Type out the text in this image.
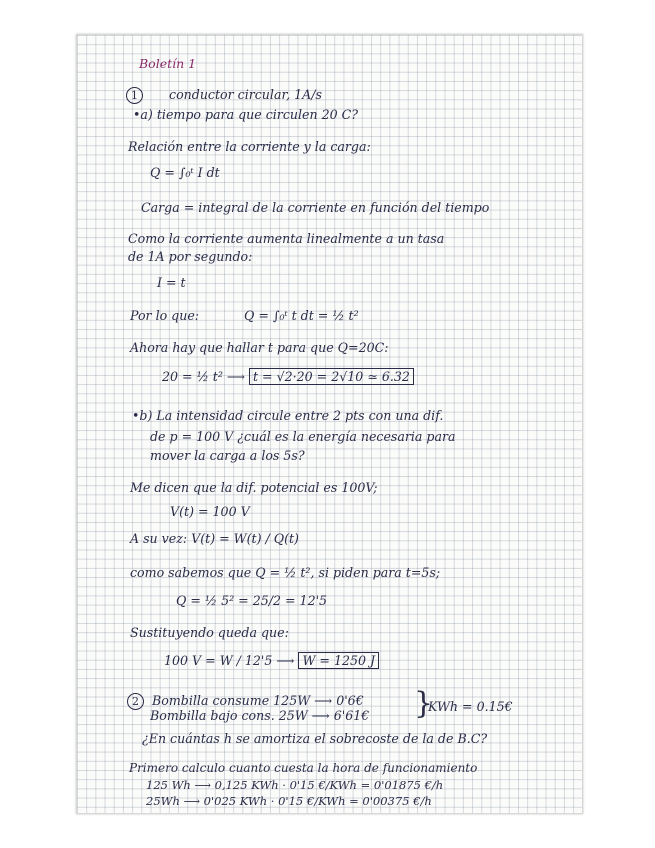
Boletín 1
1 conductor circular, 1A/s
•a) tiempo para que circulen 20 C?
Relación entre la corriente y la carga:
Q = ∫₀ᵗ I dt
Carga = integral de la corriente en función del tiempo
Como la corriente aumenta linealmente a un tasa
de 1A por segundo:
I = t
Por lo que:	Q = ∫₀ᵗ t dt = ½ t²
Ahora hay que hallar t para que Q=20C:
20 = ½ t² ⟶ t = √2·20 = 2√10 ≃ 6.32
•b) La intensidad circule entre 2 pts con una dif.
de p = 100 V ¿cuál es la energía necesaria para
mover la carga a los 5s?
Me dicen que la dif. potencial es 100V;
V(t) = 100 V
A su vez: V(t) = W(t) / Q(t)
como sabemos que Q = ½ t², si piden para t=5s;
Q = ½ 5² = 25/2 = 12'5
Sustituyendo queda que:
100 V = W / 12'5 ⟶ W = 1250 J
2 Bombilla consume 125W ⟶ 0'6€
Bombilla bajo cons. 25W ⟶ 6'61€ }
KWh = 0.15€
¿En cuántas h se amortiza el sobrecoste de la de B.C?
Primero calculo cuanto cuesta la hora de funcionamiento
125 Wh ⟶ 0,125 KWh · 0'15 €/KWh = 0'01875 €/h
25Wh ⟶ 0'025 KWh · 0'15 €/KWh = 0'00375 €/h
